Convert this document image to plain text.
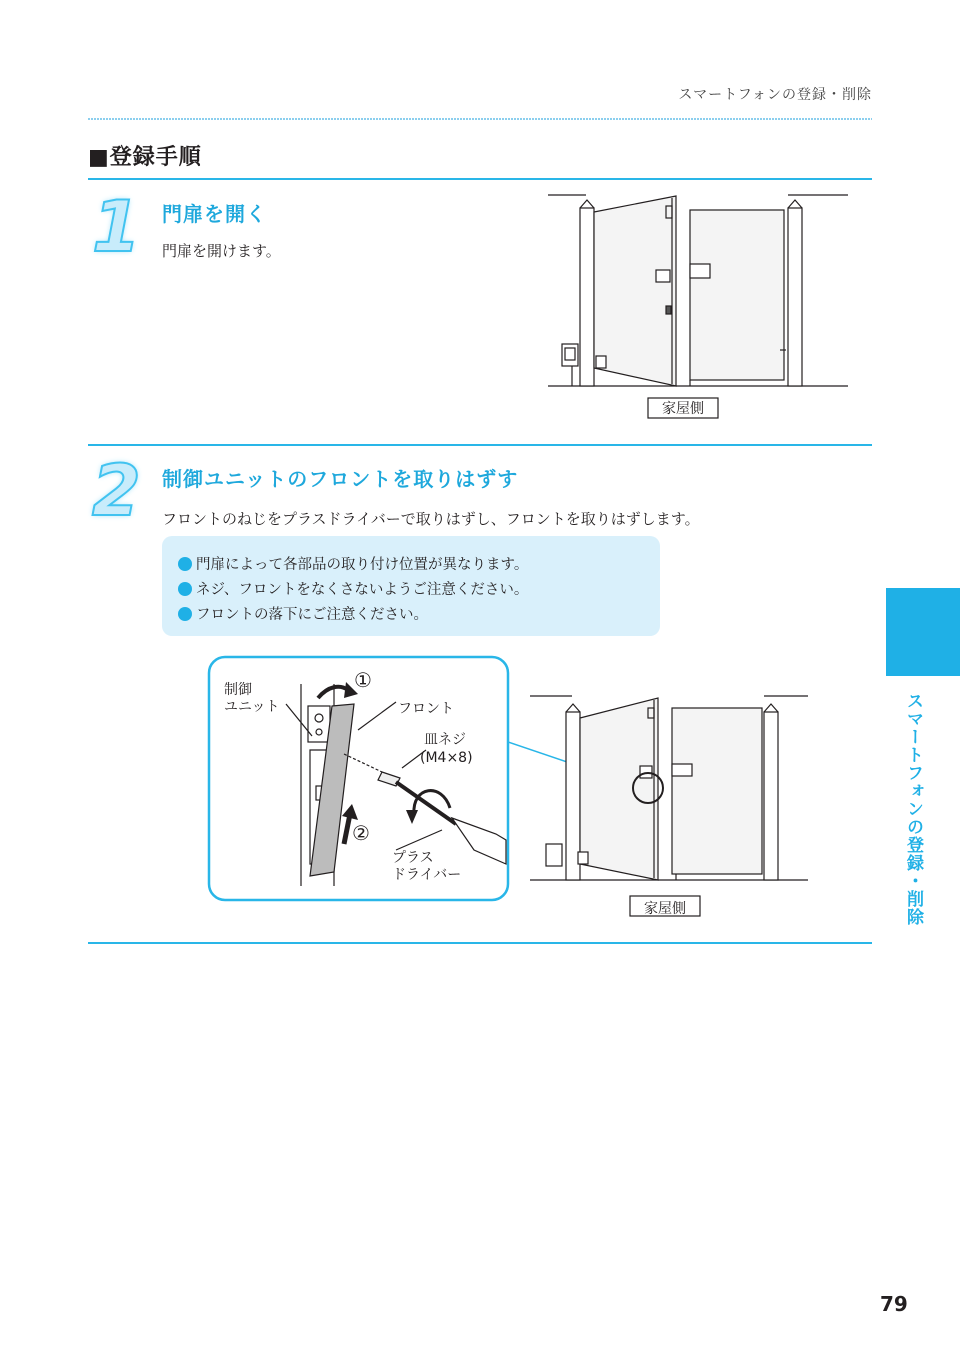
スマートフォンの登録・削除
■登録手順
1 門扉を開く
門扉を開けます。
家屋側
2 制御ユニットのフロントを取りはずす
フロントのねじをプラスドライバーで取りはずし、フロントを取りはずします。
門扉によって各部品の取り付け位置が異なります。
ネジ、フロントをなくさないようご注意ください。
フロントの落下にご注意ください。
制御
ユニット	フロント
皿ネジ
(M4×8)
プラス
ドライバー
①
②
家屋側	スマートフォンの登録・削除
79
